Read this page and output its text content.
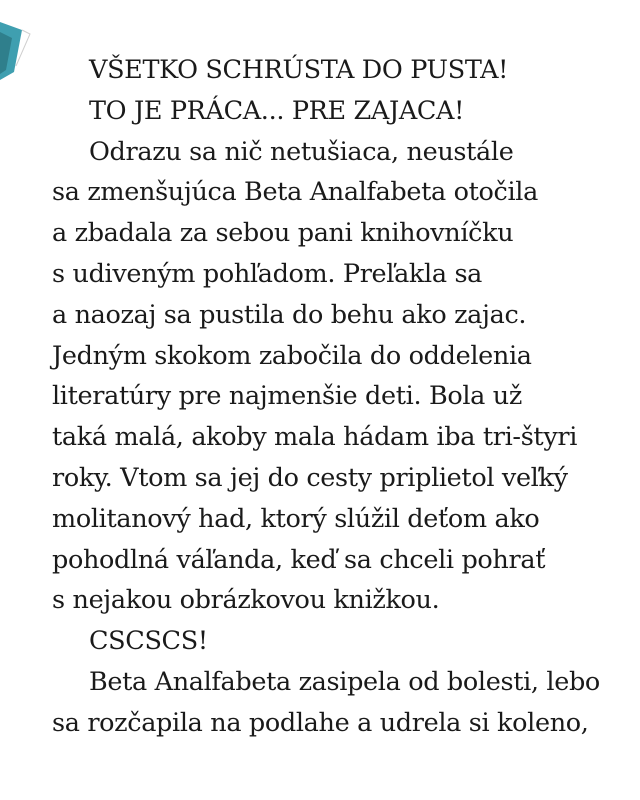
VŠETKO SCHRÚSTA DO PUSTA!
TO JE PRÁCA... PRE ZAJACA!
Odrazu sa nič netušiaca, neustále
sa zmenšujúca Beta Analfabeta otočila
a zbadala za sebou pani knihovníčku
s udiveným pohľadom. Preľakla sa
a naozaj sa pustila do behu ako zajac.
Jedným skokom zabočila do oddelenia
literatúry pre najmenšie deti. Bola už
taká malá, akoby mala hádam iba tri-štyri
roky. Vtom sa jej do cesty priplietol veľký
molitanový had, ktorý slúžil deťom ako
pohodlná váľanda, keď sa chceli pohrať
s nejakou obrázkovou knižkou.
CSCSCS!
Beta Analfabeta zasipela od bolesti, lebo
sa rozčapila na podlahe a udrela si koleno,
